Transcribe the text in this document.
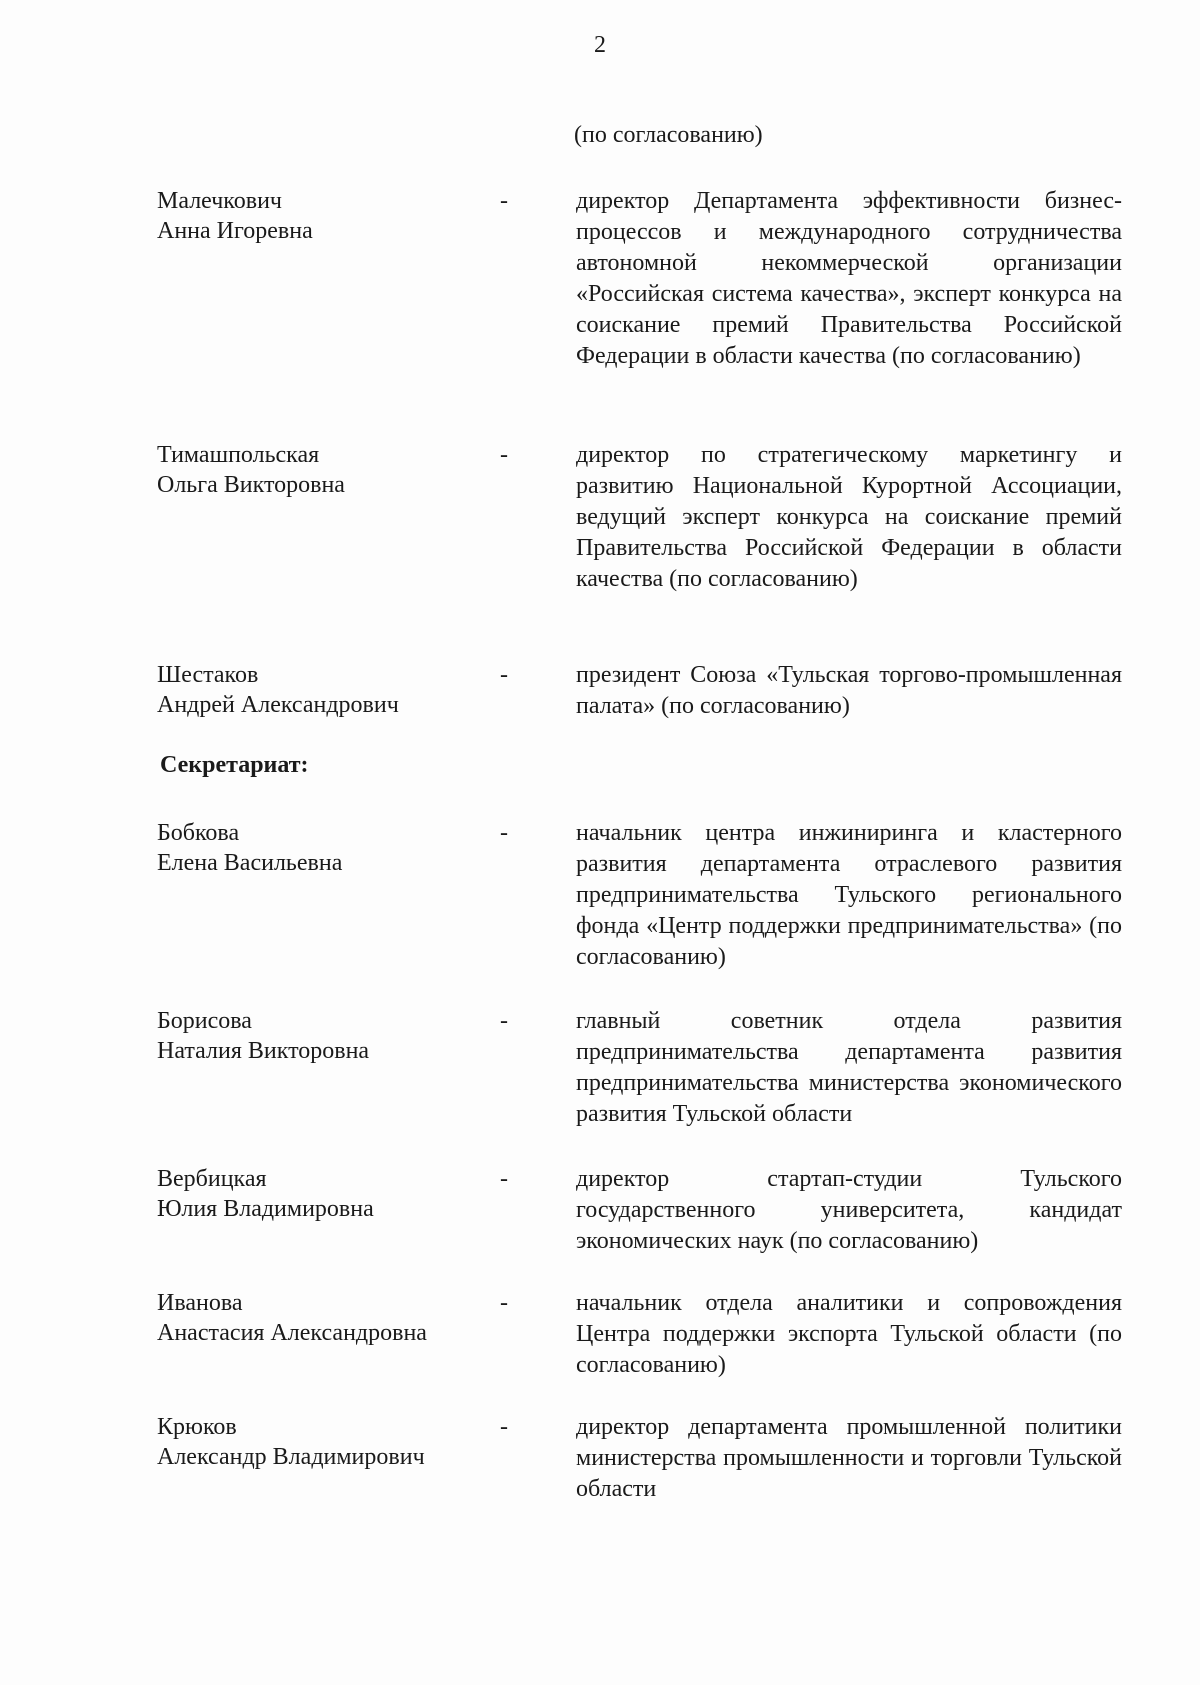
2
(по согласованию)
Малечкович
Анна Игоревна
-	директор Департамента эффективности бизнес-процессов и международного сотрудничества автономной некоммерческой организации «Российская система качества», эксперт конкурса на соискание премий Правительства Российской Федерации в области качества (по согласованию)
Тимашпольская
Ольга Викторовна
-	директор по стратегическому маркетингу и развитию Национальной Курортной Ассоциации, ведущий эксперт конкурса на соискание премий Правительства Российской Федерации в области качества (по согласованию)
Шестаков
Андрей Александрович
-	президент Союза «Тульская торгово-промышленная палата» (по согласованию)
Секретариат:
Бобкова
Елена Васильевна
-	начальник центра инжиниринга и кластерного развития департамента отраслевого развития предпринимательства Тульского регионального фонда «Центр поддержки предпринимательства» (по согласованию)
Борисова
Наталия Викторовна
-	главный советник отдела развития предпринимательства департамента развития предпринимательства министерства экономического развития Тульской области
Вербицкая
Юлия Владимировна
-	директор стартап-студии Тульского государственного университета, кандидат экономических наук (по согласованию)
Иванова
Анастасия Александровна
-	начальник отдела аналитики и сопровождения Центра поддержки экспорта Тульской области (по согласованию)
Крюков
Александр Владимирович
-	директор департамента промышленной политики министерства промышленности и торговли Тульской области
